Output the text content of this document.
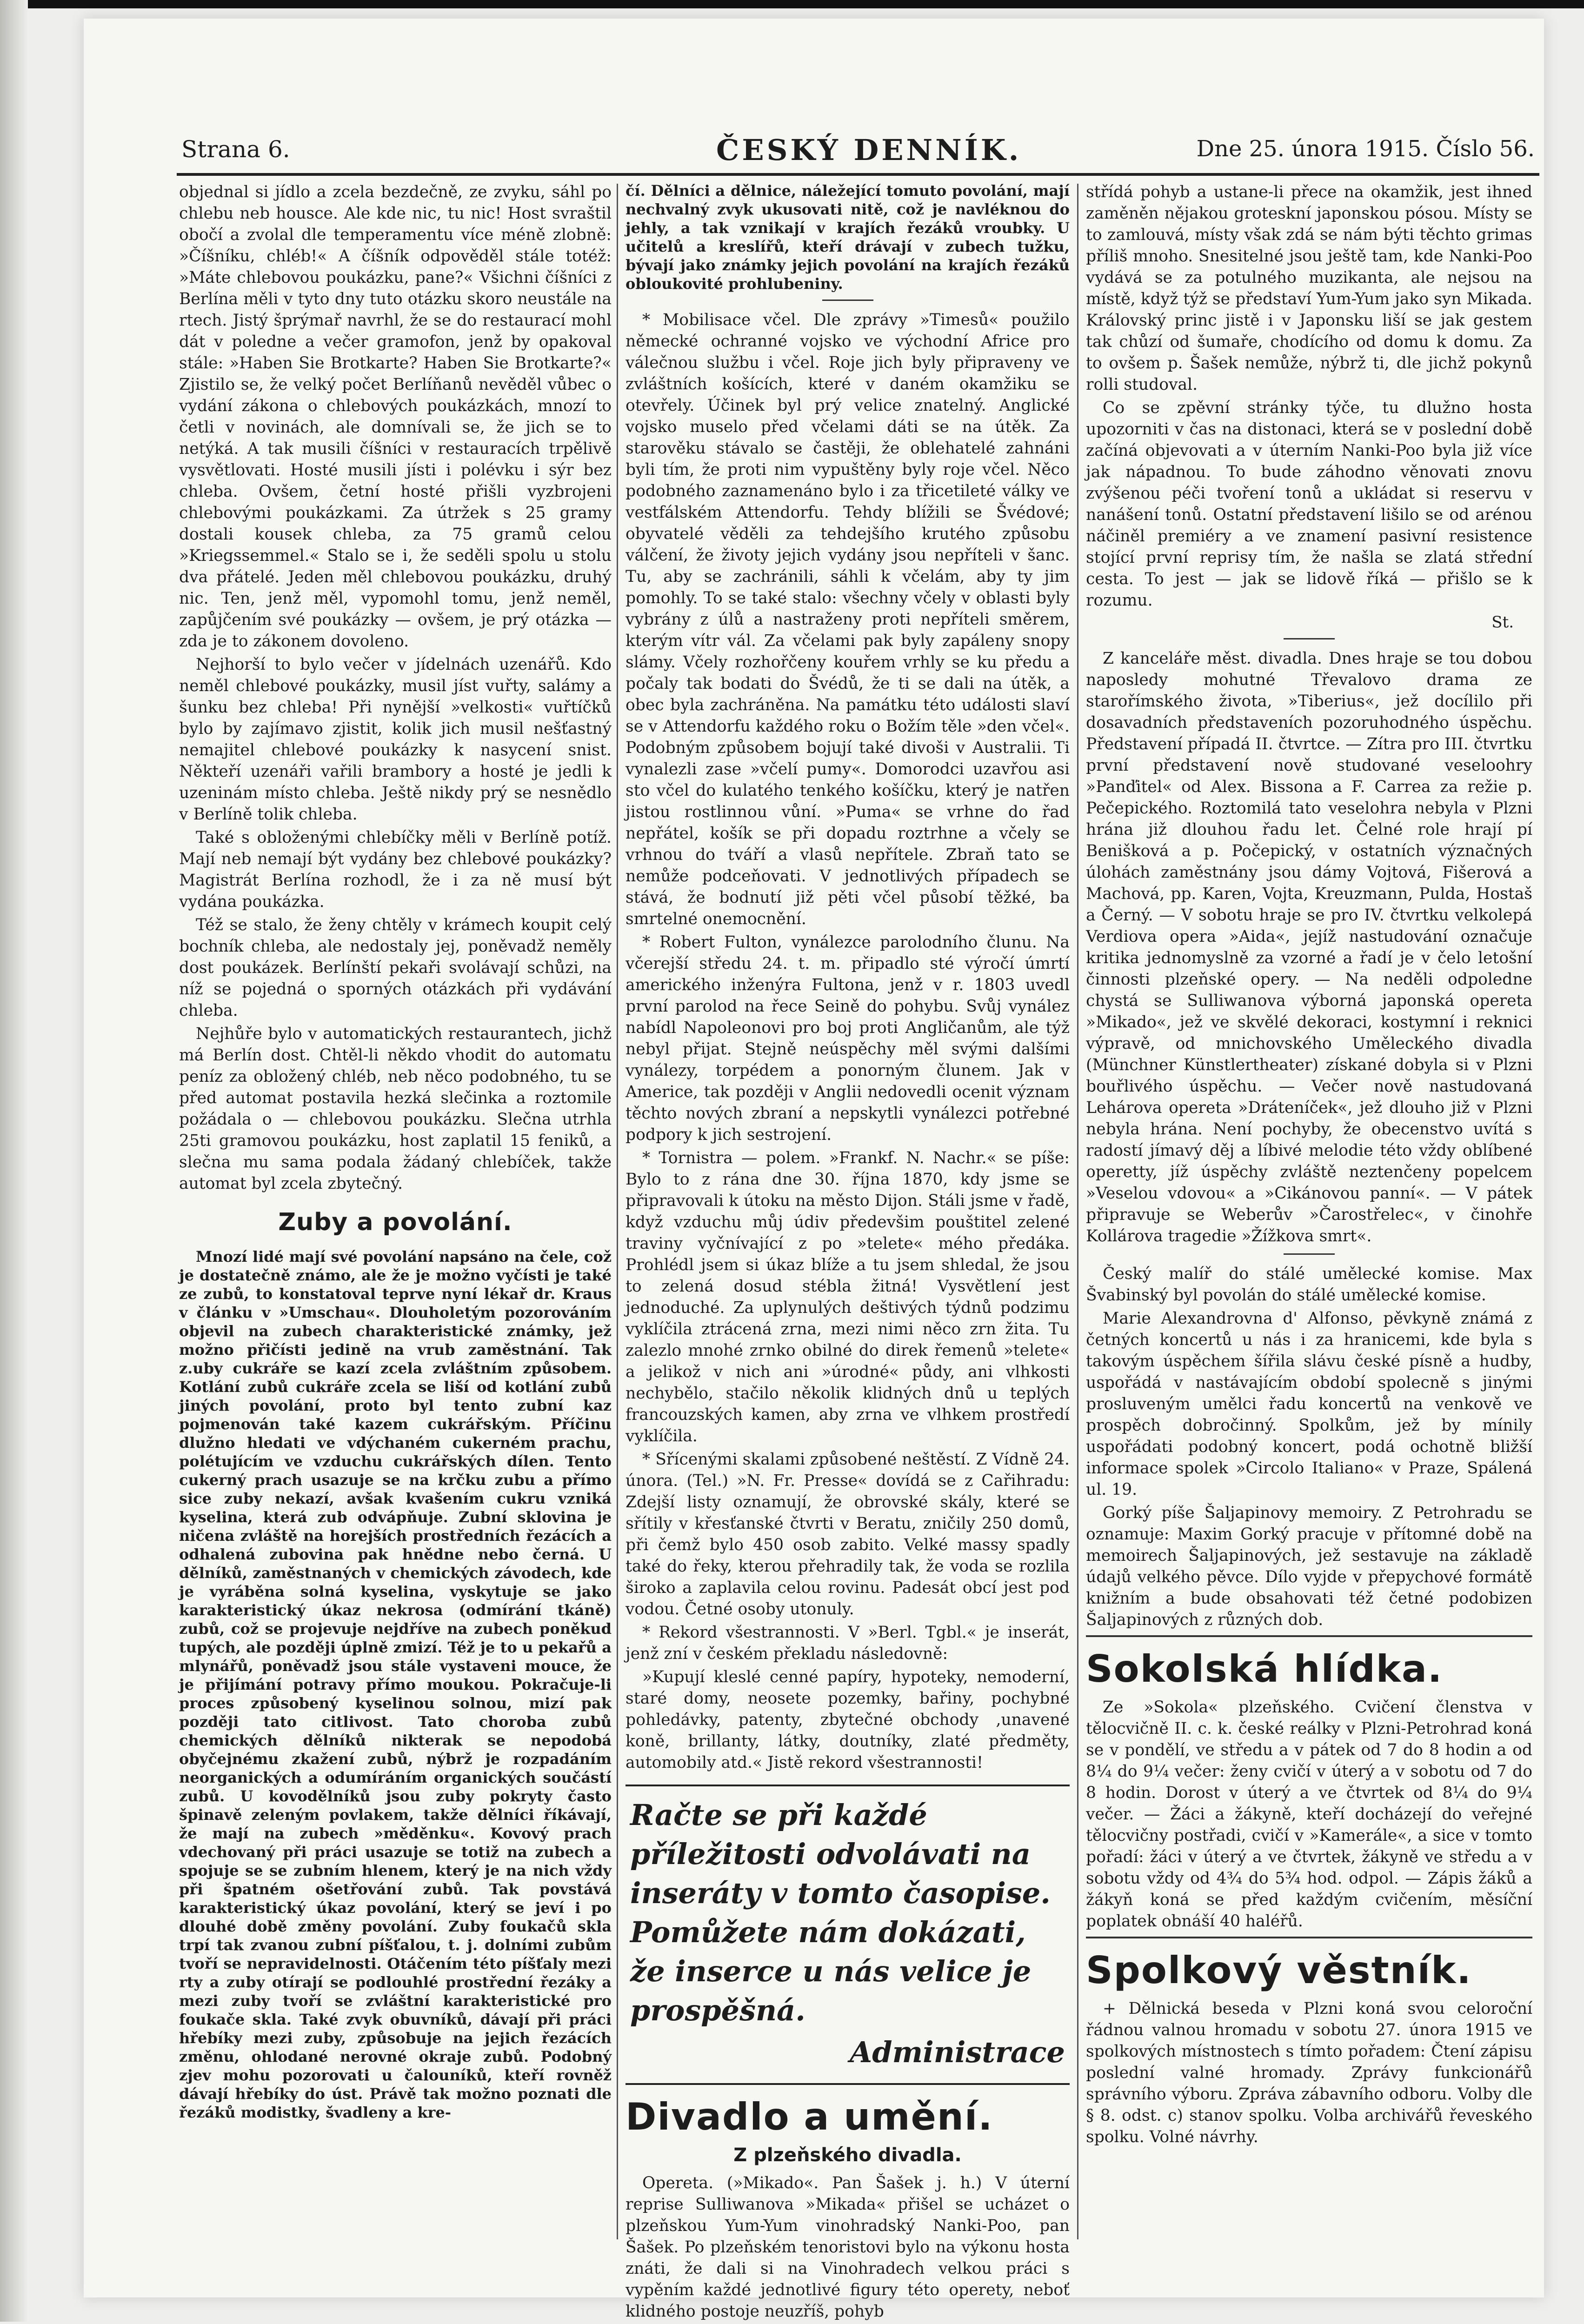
Strana 6.	ČESKÝ DENNÍK.	Dne 25. února 1915. Číslo 56.

objednal si jídlo a zcela bezdečně, ze zvyku, sáhl po chlebu neb housce. Ale kde nic, tu nic! Host svraštil obočí a zvolal dle temperamentu více méně zlobně: »Číšníku, chléb!« A číšník odpověděl stále totéž: »Máte chlebovou poukázku, pane?« Všichni číšníci z Berlína měli v tyto dny tuto otázku skoro neustále na rtech. Jistý šprýmař navrhl, že se do restaurací mohl dát v poledne a večer gramofon, jenž by opakoval stále: »Haben Sie Brotkarte? Haben Sie Brotkarte?« Zjistilo se, že velký počet Berlíňanů nevěděl vůbec o vydání zákona o chlebových poukázkách, mnozí to četli v novinách, ale domnívali se, že jich se to netýká. A tak musili číšníci v restauracích trpělivě vysvětlovati. Hosté musili jísti i polévku i sýr bez chleba. Ovšem, četní hosté přišli vyzbrojeni chlebovými poukázkami. Za útržek s 25 gramy dostali kousek chleba, za 75 gramů celou »Kriegssemmel.« Stalo se i, že seděli spolu u stolu dva přátelé. Jeden měl chlebovou poukázku, druhý nic. Ten, jenž měl, vypomohl tomu, jenž neměl, zapůjčením své poukázky — ovšem, je prý otázka — zda je to zákonem dovoleno.

Nejhorší to bylo večer v jídelnách uzenářů. Kdo neměl chlebové poukázky, musil jíst vuřty, salámy a šunku bez chleba! Při nynější »velkosti« vuřtíčků bylo by zajímavo zjistit, kolik jich musil nešťastný nemajitel chlebové poukázky k nasycení snist. Někteří uzenáři vařili brambory a hosté je jedli k uzeninám místo chleba. Ještě nikdy prý se nesnědlo v Berlíně tolik chleba.

Také s obloženými chlebíčky měli v Berlíně potíž. Mají neb nemají být vydány bez chlebové poukázky? Magistrát Berlína rozhodl, že i za ně musí být vydána poukázka.

Též se stalo, že ženy chtěly v krámech koupit celý bochník chleba, ale nedostaly jej, poněvadž neměly dost poukázek. Berlínští pekaři svolávají schůzi, na níž se pojedná o sporných otázkách při vydávání chleba.

Nejhůře bylo v automatických restaurantech, jichž má Berlín dost. Chtěl-li někdo vhodit do automatu peníz za obložený chléb, neb něco podobného, tu se před automat postavila hezká slečinka a roztomile požádala o — chlebovou poukázku. Slečna utrhla 25ti gramovou poukázku, host zaplatil 15 feniků, a slečna mu sama podala žádaný chlebíček, takže automat byl zcela zbytečný.

Zuby a povolání.

Mnozí lidé mají své povolání napsáno na čele, což je dostatečně známo, ale že je možno vyčísti je také ze zubů, to konstatoval teprve nyní lékař dr. Kraus v článku v »Umschau«. Dlouholetým pozorováním objevil na zubech charakteristické známky, jež možno přičísti jedině na vrub zaměstnání. Tak z.uby cukráře se kazí zcela zvláštním způsobem. Kotlání zubů cukráře zcela se liší od kotlání zubů jiných povolání, proto byl tento zubní kaz pojmenován také kazem cukrářským. Příčinu dlužno hledati ve vdýchaném cukerném prachu, polétujícím ve vzduchu cukrářských dílen. Tento cukerný prach usazuje se na krčku zubu a přímo sice zuby nekazí, avšak kvašením cukru vzniká kyselina, která zub odvápňuje. Zubní sklovina je ničena zvláště na horejších prostředních řezácích a odhalená zubovina pak hnědne nebo černá. U dělníků, zaměstnaných v chemických závodech, kde je vyráběna solná kyselina, vyskytuje se jako karakteristický úkaz nekrosa (odmírání tkáně) zubů, což se projevuje nejdříve na zubech poněkud tupých, ale později úplně zmizí. Též je to u pekařů a mlynářů, poněvadž jsou stále vystaveni mouce, že je přijímání potravy přímo moukou. Pokračuje-li proces způsobený kyselinou solnou, mizí pak později tato citlivost. Tato choroba zubů chemických dělníků nikterak se nepodobá obyčejnému zkažení zubů, nýbrž je rozpadáním neorganických a odumíráním organických součástí zubů. U kovodělníků jsou zuby pokryty často špinavě zeleným povlakem, takže dělníci říkávají, že mají na zubech »měděnku«. Kovový prach vdechovaný při práci usazuje se totiž na zubech a spojuje se se zubním hlenem, který je na nich vždy při špatném ošetřování zubů. Tak povstává karakteristický úkaz povolání, který se jeví i po dlouhé době změny povolání. Zuby foukačů skla trpí tak zvanou zubní píšťalou, t. j. dolními zubům tvoří se nepravidelnosti. Otáčením této píšťaly mezi rty a zuby otírají se podlouhlé prostřední řezáky a mezi zuby tvoří se zvláštní karakteristické pro foukače skla. Také zvyk obuvníků, dávají při práci hřebíky mezi zuby, způsobuje na jejich řezácích změnu, ohlodané nerovné okraje zubů. Podobný zjev mohu pozorovati u čalouníků, kteří rovněž dávají hřebíky do úst. Právě tak možno poznati dle řezáků modistky, švadleny a kre-

čí. Dělníci a dělnice, náležející tomuto povolání, mají nechvalný zvyk ukusovati nitě, což je navléknou do jehly, a tak vznikají v krajích řezáků vroubky. U učitelů a kreslířů, kteří drávají v zubech tužku, bývají jako známky jejich povolání na krajích řezáků obloukovité prohlubeniny.

* Mobilisace včel. Dle zprávy »Timesů« použilo německé ochranné vojsko ve východní Africe pro válečnou službu i včel. Roje jich byly připraveny ve zvláštních košících, které v daném okamžiku se otevřely. Účinek byl prý velice znatelný. Anglické vojsko muselo před včelami dáti se na útěk. Za starověku stávalo se častěji, že oblehatelé zahnáni byli tím, že proti nim vypuštěny byly roje včel. Něco podobného zaznamenáno bylo i za třicetileté války ve vestfálském Attendorfu. Tehdy blížili se Švédové; obyvatelé věděli za tehdejšího krutého způsobu válčení, že životy jejich vydány jsou nepříteli v šanc. Tu, aby se zachránili, sáhli k včelám, aby ty jim pomohly. To se také stalo: všechny včely v oblasti byly vybrány z úlů a nastraženy proti nepříteli směrem, kterým vítr vál. Za včelami pak byly zapáleny snopy slámy. Včely rozhořčeny kouřem vrhly se ku předu a počaly tak bodati do Švédů, že ti se dali na útěk, a obec byla zachráněna. Na památku této události slaví se v Attendorfu každého roku o Božím těle »den včel«. Podobným způsobem bojují také divoši v Australii. Ti vynalezli zase »včelí pumy«. Domorodci uzavřou asi sto včel do kulatého tenkého košíčku, který je natřen jistou rostlinnou vůní. »Puma« se vrhne do řad nepřátel, košík se při dopadu roztrhne a včely se vrhnou do tváří a vlasů nepřítele. Zbraň tato se nemůže podceňovati. V jednotlivých případech se stává, že bodnutí již pěti včel působí těžké, ba smrtelné onemocnění.

* Robert Fulton, vynálezce parolodního člunu. Na včerejší středu 24. t. m. připadlo sté výročí úmrtí amerického inženýra Fultona, jenž v r. 1803 uvedl první parolod na řece Seině do pohybu. Svůj vynález nabídl Napoleonovi pro boj proti Angličanům, ale týž nebyl přijat. Stejně neúspěchy měl svými dalšími vynálezy, torpédem a ponorným člunem. Jak v Americe, tak později v Anglii nedovedli ocenit význam těchto nových zbraní a nepskytli vynálezci potřebné podpory k jich sestrojení.

* Tornistra — polem. »Frankf. N. Nachr.« se píše: Bylo to z rána dne 30. října 1870, kdy jsme se připravovali k útoku na město Dijon. Stáli jsme v řadě, když vzduchu můj údiv předevšim pouštitel zelené traviny vyčnívající z po »telete« mého předáka. Prohlédl jsem si úkaz blíže a tu jsem shledal, že jsou to zelená dosud stébla žitná! Vysvětlení jest jednoduché. Za uplynulých deštivých týdnů podzimu vyklíčila ztrácená zrna, mezi nimi něco zrn žita. Tu zalezlo mnohé zrnko obilné do direk řemenů »telete« a jelikož v nich ani »úrodné« půdy, ani vlhkosti nechybělo, stačilo několik klidných dnů u teplých francouzských kamen, aby zrna ve vlhkem prostředí vyklíčila.

* Sřícenými skalami způsobené neštěstí. Z Vídně 24. února. (Tel.) »N. Fr. Presse« dovídá se z Cařihradu: Zdejší listy oznamují, že obrovské skály, které se sřítily v křesťanské čtvrti v Beratu, zničily 250 domů, při čemž bylo 450 osob zabito. Velké massy spadly také do řeky, kterou přehradily tak, že voda se rozlila široko a zaplavila celou rovinu. Padesát obcí jest pod vodou. Četné osoby utonuly.

* Rekord všestrannosti. V »Berl. Tgbl.« je inserát, jenž zní v českém překladu následovně:

»Kupují kleslé cenné papíry, hypoteky, nemoderní, staré domy, neosete pozemky, bařiny, pochybné pohledávky, patenty, zbytečné obchody ,unavené koně, brillanty, látky, doutníky, zlaté předměty, automobily atd.« Jistě rekord všestrannosti!

Račte se při každé příležitosti odvolávati na inseráty v tomto časopise. Pomůžete nám dokázati, že inserce u nás velice je prospěšná.
Administrace
Divadlo a umění.
Z plzeňského divadla.

Opereta. (»Mikado«. Pan Šašek j. h.) V úterní reprise Sulliwanova »Mikada« přišel se ucházet o plzeňskou Yum-Yum vinohradský Nanki-Poo, pan Šašek. Po plzeňském tenoristovi bylo na výkonu hosta znáti, že dali si na Vinohradech velkou práci s vypěním každé jednotlivé figury této operety, neboť klidného postoje neuzříš, pohyb

střídá pohyb a ustane-li přece na okamžik, jest ihned zaměněn nějakou groteskní japonskou pósou. Místy se to zamlouvá, místy však zdá se nám býti těchto grimas příliš mnoho. Snesitelné jsou ještě tam, kde Nanki-Poo vydává se za potulného muzikanta, ale nejsou na místě, když týž se představí Yum-Yum jako syn Mikada. Královský princ jistě i v Japonsku liší se jak gestem tak chůzí od šumaře, chodícího od domu k domu. Za to ovšem p. Šašek nemůže, nýbrž ti, dle jichž pokynů rolli studoval.

Co se zpěvní stránky týče, tu dlužno hosta upozorniti v čas na distonaci, která se v poslední době začíná objevovati a v úterním Nanki-Poo byla již více jak nápadnou. To bude záhodno věnovati znovu zvýšenou péči tvoření tonů a ukládat si reservu v nanášení tonů. Ostatní představení lišilo se od arénou náčiněl premiéry a ve znamení pasivní resistence stojící první reprisy tím, že našla se zlatá střední cesta. To jest — jak se lidově říká — přišlo se k rozumu.

St.

Z kanceláře měst. divadla. Dnes hraje se tou dobou naposledy mohutné Třevalovo drama ze starořímského života, »Tiberius«, jež docílilo při dosavadních představeních pozoruhodného úspěchu. Představení případá II. čtvrtce. — Zítra pro III. čtvrtku první představení nově studované veseloohry »Panďitel« od Alex. Bissona a F. Carrea za režie p. Pečepického. Roztomilá tato veselohra nebyla v Plzni hrána již dlouhou řadu let. Čelné role hrají pí Benišková a p. Počepický, v ostatních význačných úlohách zaměstnány jsou dámy Vojtová, Fišerová a Machová, pp. Karen, Vojta, Kreuzmann, Pulda, Hostaš a Černý. — V sobotu hraje se pro IV. čtvrtku velkolepá Verdiova opera »Aida«, jejíž nastudování označuje kritika jednomyslně za vzorné a řadí je v čelo letošní činnosti plzeňské opery. — Na neděli odpoledne chystá se Sulliwanova výborná japonská opereta »Mikado«, jež ve skvělé dekoraci, kostymní i reknici výpravě, od mnichovského Uměleckého divadla (Münchner Künstlertheater) získané dobyla si v Plzni bouřlivého úspěchu. — Večer nově nastudovaná Lehárova opereta »Dráteníček«, jež dlouho již v Plzni nebyla hrána. Není pochyby, že obecenstvo uvítá s radostí jímavý děj a líbivé melodie této vždy oblíbené operetty, jíž úspěchy zvláště neztenčeny popelcem »Veselou vdovou« a »Cikánovou panní«. — V pátek připravuje se Weberův »Čarostřelec«, v činohře Kollárova tragedie »Žížkova smrt«.

Český malíř do stálé umělecké komise. Max Švabinský byl povolán do stálé umělecké komise.

Marie Alexandrovna d' Alfonso, pěvkyně známá z četných koncertů u nás i za hranicemi, kde byla s takovým úspěchem šířila slávu české písně a hudby, uspořádá v nastávajícím období spolecně s jinými prosluveným umělci řadu koncertů na venkově ve prospěch dobročinný. Spolkům, jež by mínily uspořádati podobný koncert, podá ochotně bližší informace spolek »Circolo Italiano« v Praze, Spálená ul. 19.

Gorký píše Šaljapinovy memoiry. Z Petrohradu se oznamuje: Maxim Gorký pracuje v přítomné době na memoirech Šaljapinových, jež sestavuje na základě údajů velkého pěvce. Dílo vyjde v přepychové formátě knižním a bude obsahovati též četné podobizen Šaljapinových z různých dob.

Sokolská hlídka.

Ze »Sokola« plzeňského. Cvičení členstva v tělocvičně II. c. k. české reálky v Plzni-Petrohrad koná se v pondělí, ve středu a v pátek od 7 do 8 hodin a od 8¼ do 9¼ večer: ženy cvičí v úterý a v sobotu od 7 do 8 hodin. Dorost v úterý a ve čtvrtek od 8¼ do 9¼ večer. — Žáci a žákyně, kteří docházejí do veřejné tělocvičny postřadi, cvičí v »Kamerále«, a sice v tomto pořadí: žáci v úterý a ve čtvrtek, žákyně ve středu a v sobotu vždy od 4¾ do 5¾ hod. odpol. — Zápis žáků a žákyň koná se před každým cvičením, měsíční poplatek obnáší 40 haléřů.

Spolkový věstník.

+ Dělnická beseda v Plzni koná svou celoroční řádnou valnou hromadu v sobotu 27. února 1915 ve spolkových místnostech s tímto pořadem: Čtení zápisu poslední valné hromady. Zprávy funkcionářů správního výboru. Zpráva zábavního odboru. Volby dle § 8. odst. c) stanov spolku. Volba archivářů řeveského spolku. Volné návrhy.
